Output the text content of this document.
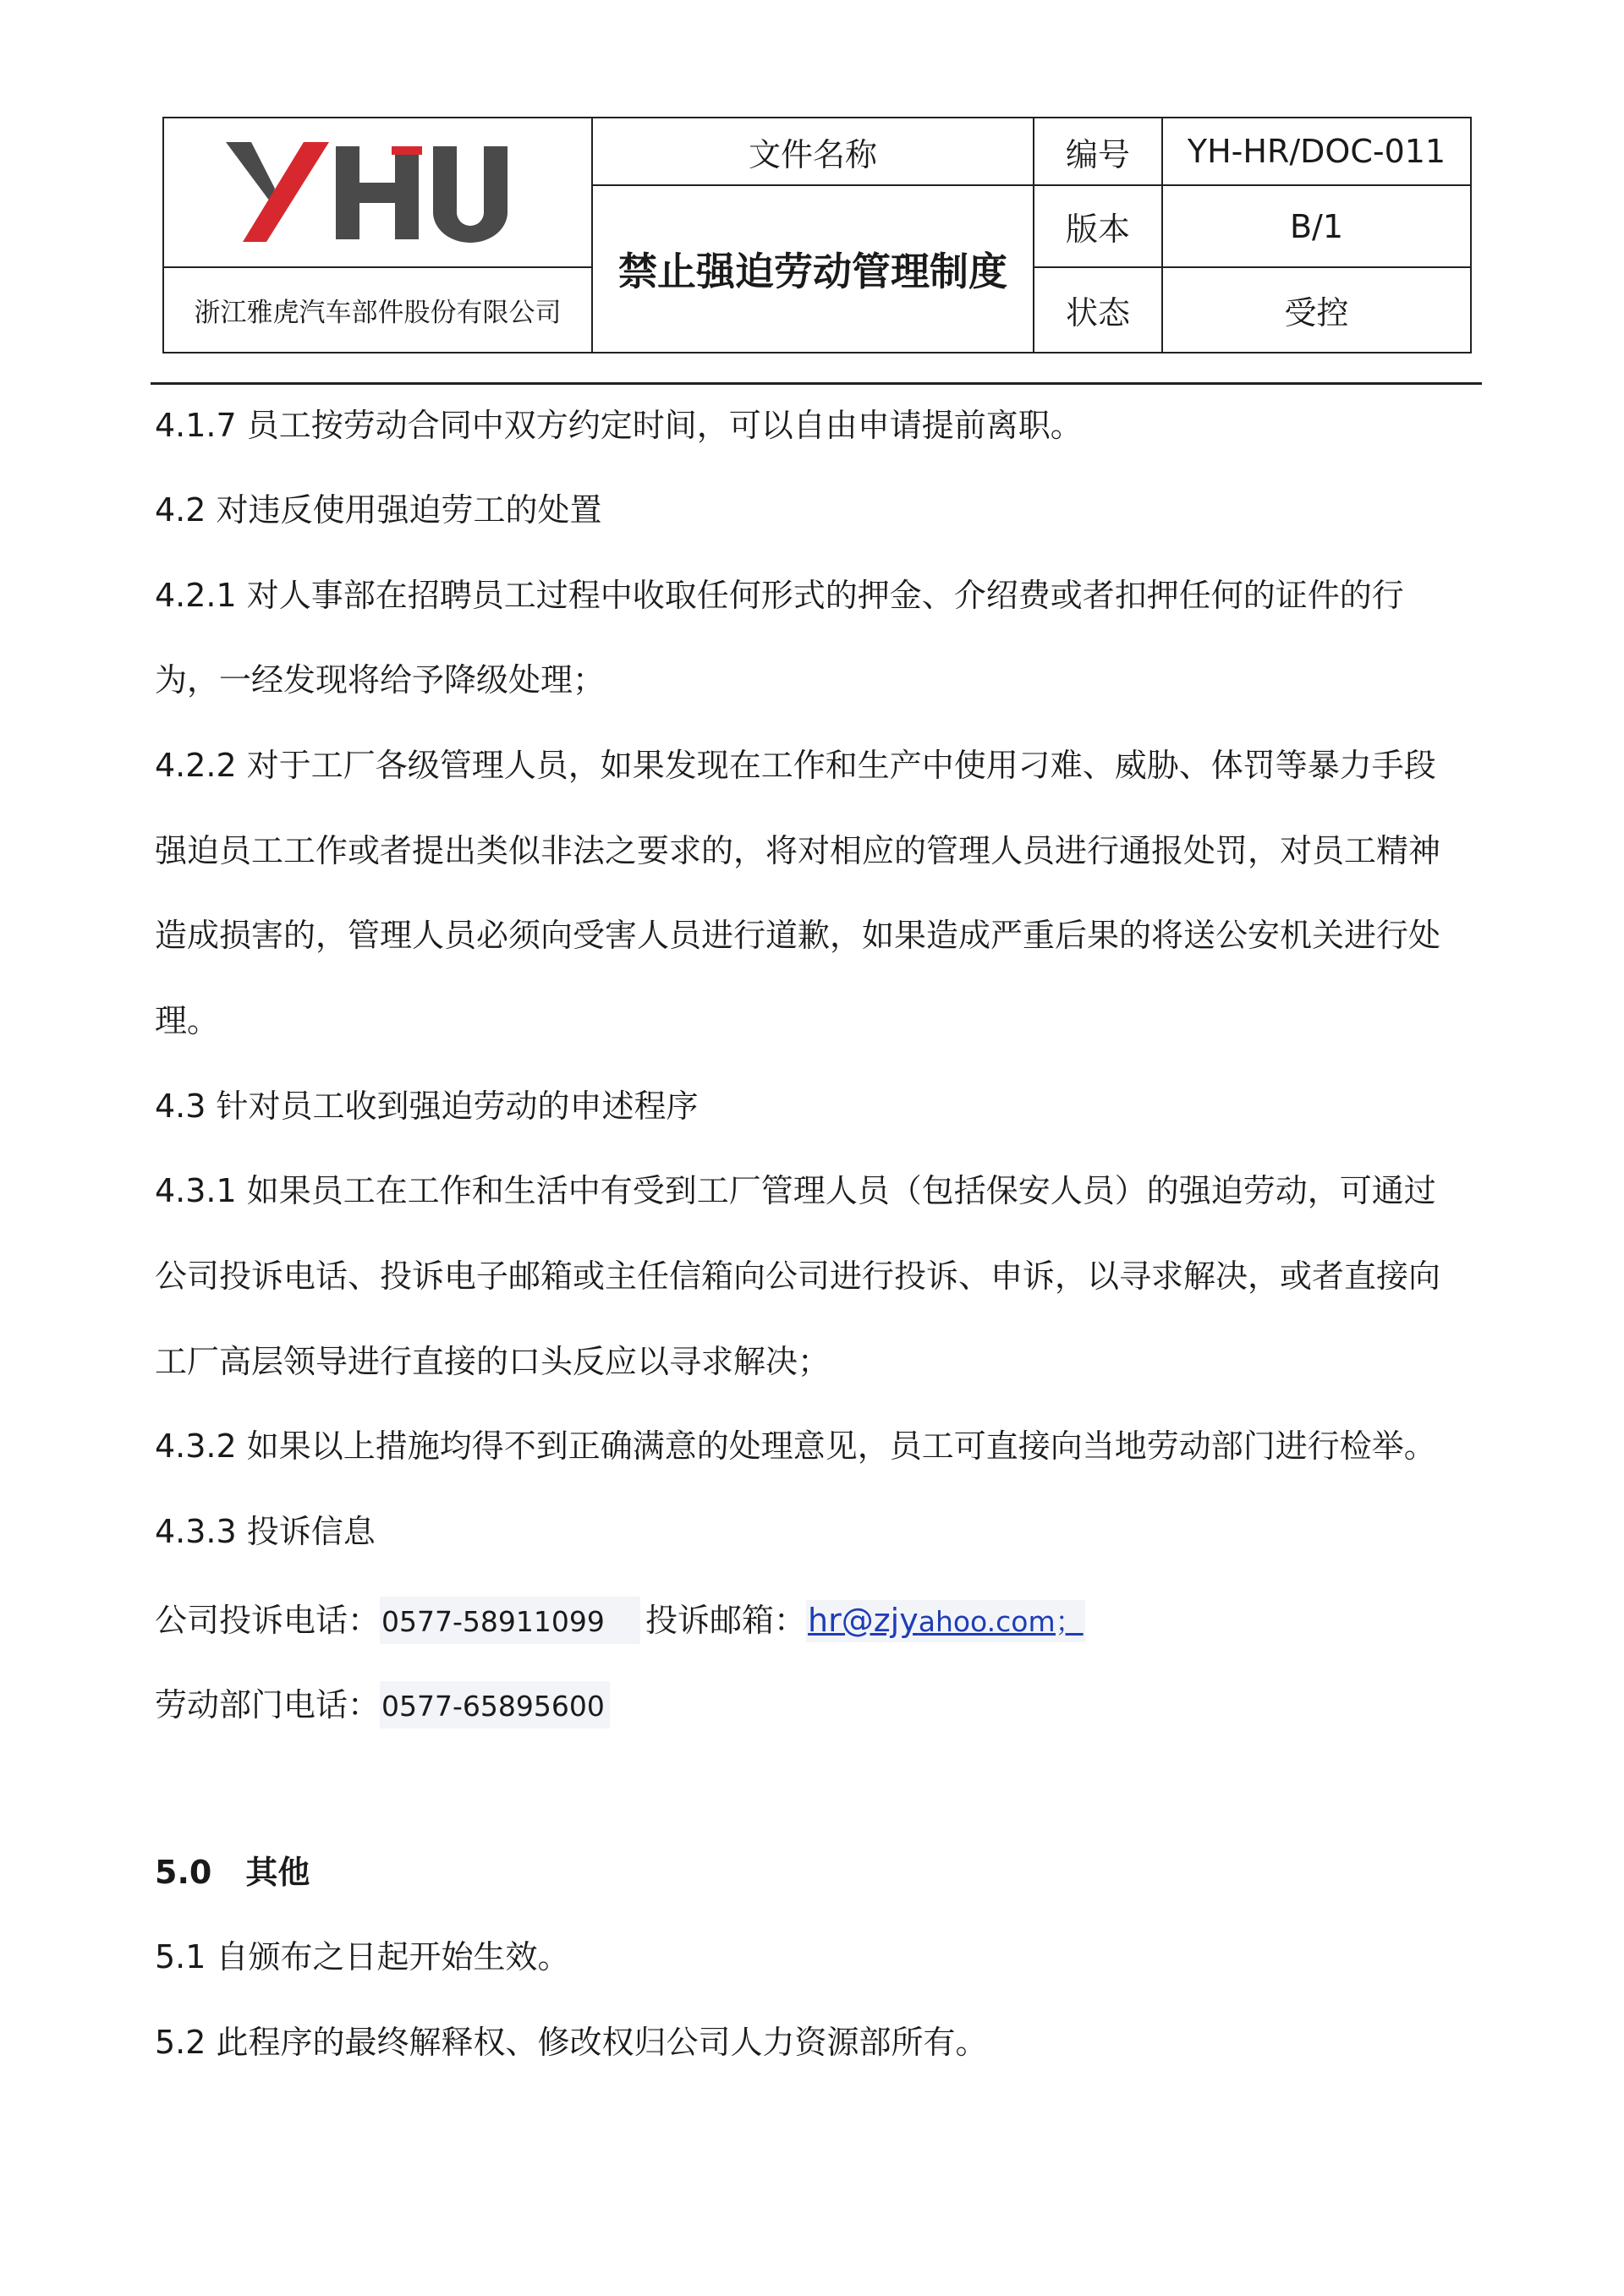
	文件名称	编号	YH-HR/DOC-011
	禁止强迫劳动管理制度	版本	B/1
浙江雅虎汽车部件股份有限公司		状态	受控

4.1.7 员工按劳动合同中双方约定时间，可以自由申请提前离职。

4.2 对违反使用强迫劳工的处置

4.2.1 对人事部在招聘员工过程中收取任何形式的押金、介绍费或者扣押任何的证件的行

为，一经发现将给予降级处理；

4.2.2 对于工厂各级管理人员，如果发现在工作和生产中使用刁难、威胁、体罚等暴力手段

强迫员工工作或者提出类似非法之要求的，将对相应的管理人员进行通报处罚，对员工精神

造成损害的，管理人员必须向受害人员进行道歉，如果造成严重后果的将送公安机关进行处

理。

4.3 针对员工收到强迫劳动的申述程序

4.3.1 如果员工在工作和生活中有受到工厂管理人员（包括保安人员）的强迫劳动，可通过

公司投诉电话、投诉电子邮箱或主任信箱向公司进行投诉、申诉，以寻求解决，或者直接向

工厂高层领导进行直接的口头反应以寻求解决；

4.3.2 如果以上措施均得不到正确满意的处理意见，员工可直接向当地劳动部门进行检举。

4.3.3 投诉信息

公司投诉电话：0577-58911099 投诉邮箱：hr@zjyahoo.com；

劳动部门电话：0577-65895600

5.0 其他

5.1 自颁布之日起开始生效。

5.2 此程序的最终解释权、修改权归公司人力资源部所有。
